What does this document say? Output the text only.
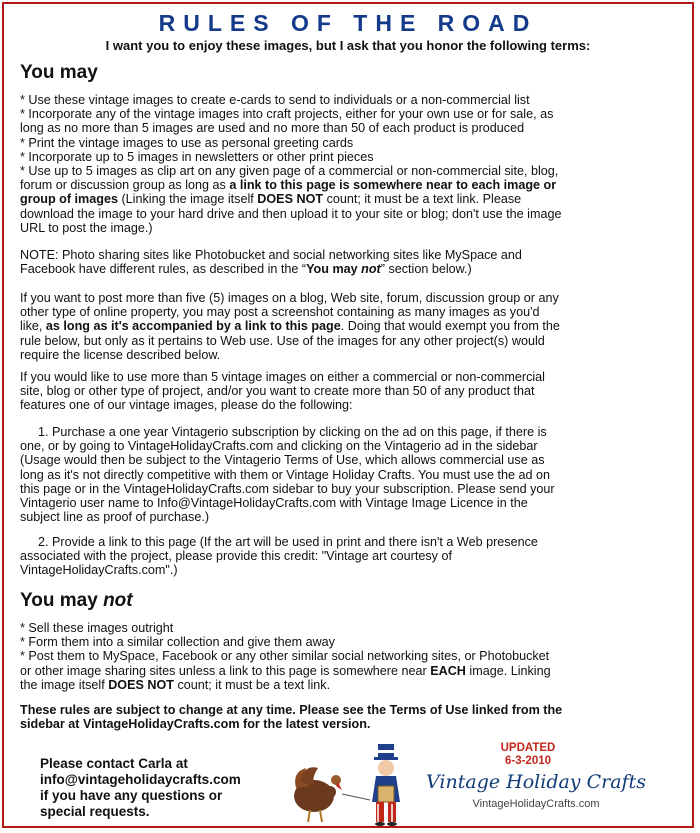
RULES OF THE ROAD
I want you to enjoy these images, but I ask that you honor the following terms:
You may
* Use these vintage images to create e-cards to send to individuals or a non-commercial list
* Incorporate any of the vintage images into craft projects, either for your own use or for sale, as
long as no more than 5 images are used and no more than 50 of each product is produced
* Print the vintage images to use as personal greeting cards
* Incorporate up to 5 images in newsletters or other print pieces
* Use up to 5 images as clip art on any given page of a commercial or non-commercial site, blog,
forum or discussion group as long as a link to this page is somewhere near to each image or
group of images (Linking the image itself DOES NOT count; it must be a text link. Please
download the image to your hard drive and then upload it to your site or blog; don't use the image
URL to post the image.)
NOTE: Photo sharing sites like Photobucket and social networking sites like MySpace and
Facebook have different rules, as described in the “You may not” section below.)
If you want to post more than five (5) images on a blog, Web site, forum, discussion group or any
other type of online property, you may post a screenshot containing as many images as you'd
like, as long as it's accompanied by a link to this page. Doing that would exempt you from the
rule below, but only as it pertains to Web use. Use of the images for any other project(s) would
require the license described below.
If you would like to use more than 5 vintage images on either a commercial or non-commercial
site, blog or other type of project, and/or you want to create more than 50 of any product that
features one of our vintage images, please do the following:
1. Purchase a one year Vintagerio subscription by clicking on the ad on this page, if there is
one, or by going to VintageHolidayCrafts.com and clicking on the Vintagerio ad in the sidebar
(Usage would then be subject to the Vintagerio Terms of Use, which allows commercial use as
long as it's not directly competitive with them or Vintage Holiday Crafts. You must use the ad on
this page or in the VintageHolidayCrafts.com sidebar to buy your subscription. Please send your
Vintagerio user name to Info@VintageHolidayCrafts.com with Vintage Image Licence in the
subject line as proof of purchase.)
2. Provide a link to this page (If the art will be used in print and there isn't a Web presence
associated with the project, please provide this credit: "Vintage art courtesy of
VintageHolidayCrafts.com".)
You may not
* Sell these images outright
* Form them into a similar collection and give them away
* Post them to MySpace, Facebook or any other similar social networking sites, or Photobucket
or other image sharing sites unless a link to this page is somewhere near EACH image. Linking
the image itself DOES NOT count; it must be a text link.
These rules are subject to change at any time. Please see the Terms of Use linked from the
sidebar at VintageHolidayCrafts.com for the latest version.
Please contact Carla at
info@vintageholidaycrafts.com
if you have any questions or
special requests.
UPDATED
6-3-2010
Vintage Holiday Crafts
VintageHolidayCrafts.com
